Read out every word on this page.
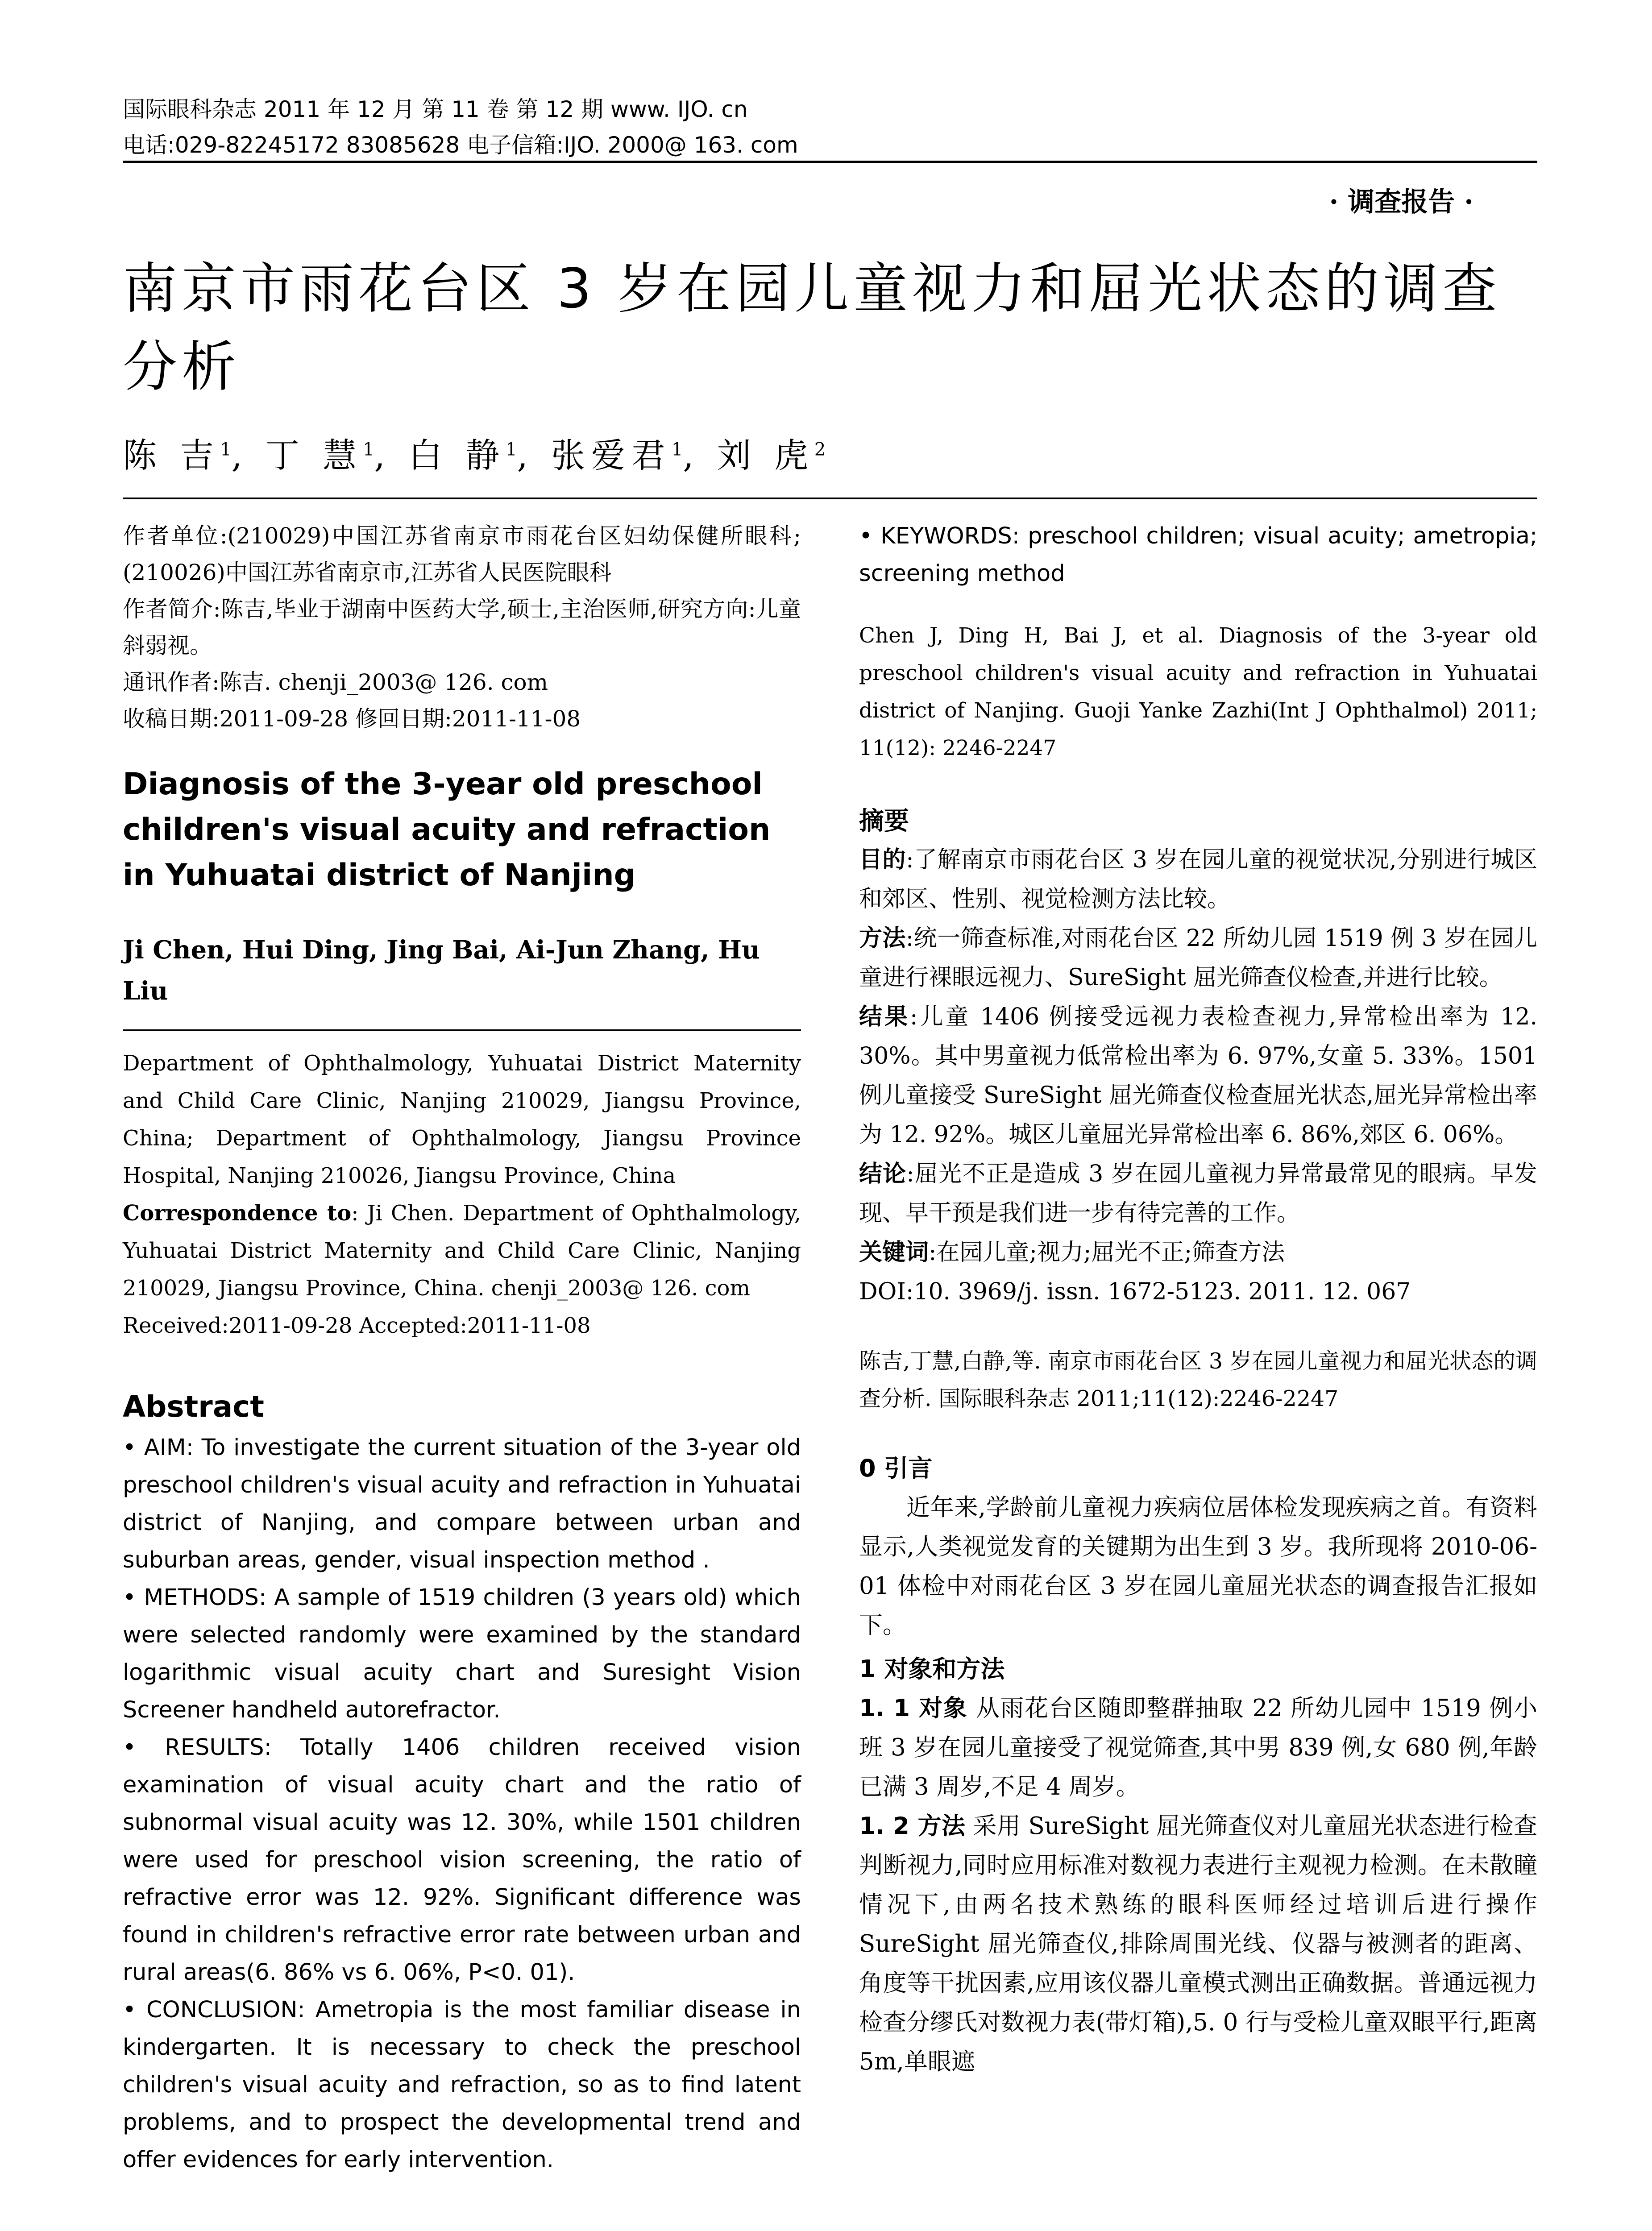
国际眼科杂志 2011 年 12 月 第 11 卷 第 12 期 www. IJO. cn
电话:029-82245172 83085628 电子信箱:IJO. 2000@ 163. com
· 调查报告 ·
南京市雨花台区 3 岁在园儿童视力和屈光状态的调查分析
陈 吉$^1$, 丁 慧$^1$, 白 静$^1$, 张爱君$^1$, 刘 虎$^2$
作者单位:(210029)中国江苏省南京市雨花台区妇幼保健所眼科;(210026)中国江苏省南京市,江苏省人民医院眼科
作者简介:陈吉,毕业于湖南中医药大学,硕士,主治医师,研究方向:儿童斜弱视。
通讯作者:陈吉. chenji_2003@ 126. com
收稿日期:2011-09-28 修回日期:2011-11-08
Diagnosis of the 3-year old preschool children's visual acuity and refraction in Yuhuatai district of Nanjing
Ji Chen, Hui Ding, Jing Bai, Ai-Jun Zhang, Hu Liu
Department of Ophthalmology, Yuhuatai District Maternity and Child Care Clinic, Nanjing 210029, Jiangsu Province, China; Department of Ophthalmology, Jiangsu Province Hospital, Nanjing 210026, Jiangsu Province, China
Correspondence to: Ji Chen. Department of Ophthalmology, Yuhuatai District Maternity and Child Care Clinic, Nanjing 210029, Jiangsu Province, China. chenji_2003@ 126. com
Received:2011-09-28 Accepted:2011-11-08
Abstract

• AIM: To investigate the current situation of the 3-year old preschool children's visual acuity and refraction in Yuhuatai district of Nanjing, and compare between urban and suburban areas, gender, visual inspection method .

• METHODS: A sample of 1519 children (3 years old) which were selected randomly were examined by the standard logarithmic visual acuity chart and Suresight Vision Screener handheld autorefractor.

• RESULTS: Totally 1406 children received vision examination of visual acuity chart and the ratio of subnormal visual acuity was 12. 30%, while 1501 children were used for preschool vision screening, the ratio of refractive error was 12. 92%. Significant difference was found in children's refractive error rate between urban and rural areas(6. 86% vs 6. 06%, P<0. 01).

• CONCLUSION: Ametropia is the most familiar disease in kindergarten. It is necessary to check the preschool children's visual acuity and refraction, so as to find latent problems, and to prospect the developmental trend and offer evidences for early intervention.

• KEYWORDS: preschool children; visual acuity; ametropia; screening method
Chen J, Ding H, Bai J, et al. Diagnosis of the 3-year old preschool children's visual acuity and refraction in Yuhuatai district of Nanjing. Guoji Yanke Zazhi(Int J Ophthalmol) 2011; 11(12): 2246-2247
摘要

目的:了解南京市雨花台区 3 岁在园儿童的视觉状况,分别进行城区和郊区、性别、视觉检测方法比较。

方法:统一筛查标准,对雨花台区 22 所幼儿园 1519 例 3 岁在园儿童进行裸眼远视力、SureSight 屈光筛查仪检查,并进行比较。

结果:儿童 1406 例接受远视力表检查视力,异常检出率为 12. 30%。其中男童视力低常检出率为 6. 97%,女童 5. 33%。1501 例儿童接受 SureSight 屈光筛查仪检查屈光状态,屈光异常检出率为 12. 92%。城区儿童屈光异常检出率 6. 86%,郊区 6. 06%。

结论:屈光不正是造成 3 岁在园儿童视力异常最常见的眼病。早发现、早干预是我们进一步有待完善的工作。

关键词:在园儿童;视力;屈光不正;筛查方法

DOI:10. 3969/j. issn. 1672-5123. 2011. 12. 067

陈吉,丁慧,白静,等. 南京市雨花台区 3 岁在园儿童视力和屈光状态的调查分析. 国际眼科杂志 2011;11(12):2246-2247
0 引言

近年来,学龄前儿童视力疾病位居体检发现疾病之首。有资料显示,人类视觉发育的关键期为出生到 3 岁。我所现将 2010-06-01 体检中对雨花台区 3 岁在园儿童屈光状态的调查报告汇报如下。

1 对象和方法

1. 1 对象 从雨花台区随即整群抽取 22 所幼儿园中 1519 例小班 3 岁在园儿童接受了视觉筛查,其中男 839 例,女 680 例,年龄已满 3 周岁,不足 4 周岁。

1. 2 方法 采用 SureSight 屈光筛查仪对儿童屈光状态进行检查判断视力,同时应用标准对数视力表进行主观视力检测。在未散瞳情况下,由两名技术熟练的眼科医师经过培训后进行操作 SureSight 屈光筛查仪,排除周围光线、仪器与被测者的距离、角度等干扰因素,应用该仪器儿童模式测出正确数据。普通远视力检查分缪氏对数视力表(带灯箱),5. 0 行与受检儿童双眼平行,距离 5m,单眼遮
